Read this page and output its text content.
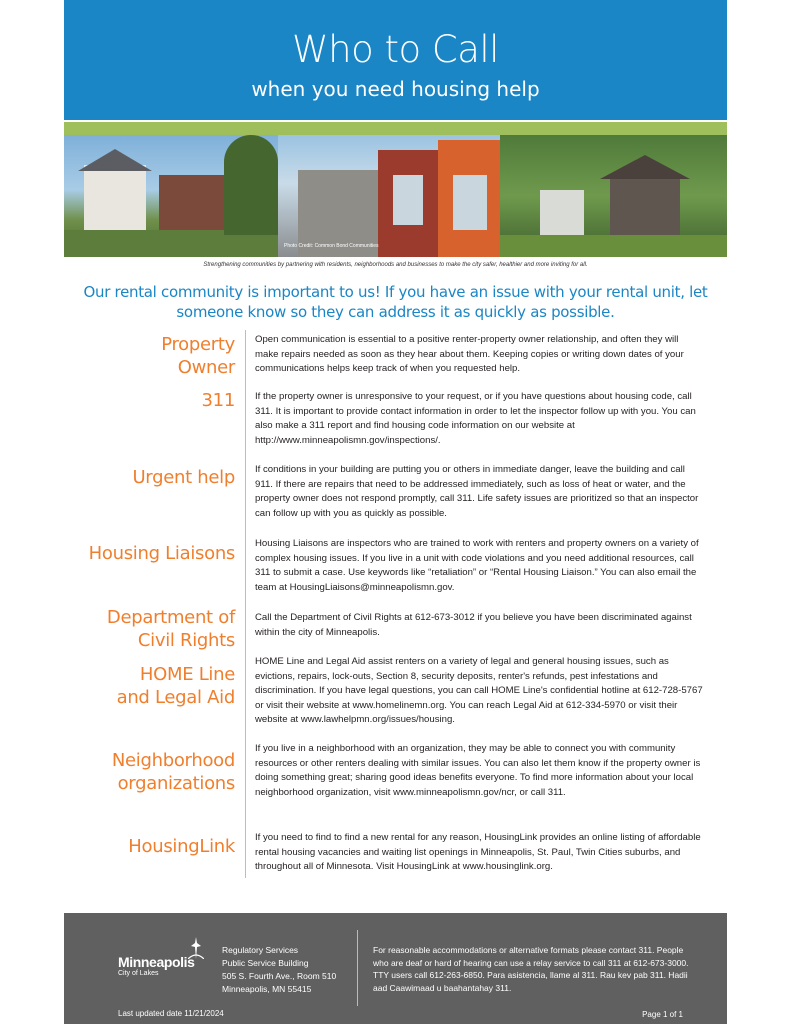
Who to Call
when you need housing help
Photo Credit: Common Bond Communities
Strengthening communities by partnering with residents, neighborhoods and businesses to make the city safer, healthier and more inviting for all.
Our rental community is important to us! If you have an issue with your rental unit, let someone know so they can address it as quickly as possible.
Property
Owner
311
Urgent help
Housing Liaisons
Department of
Civil Rights
HOME Line
and Legal Aid
Neighborhood
organizations
HousingLink

Open communication is essential to a positive renter-property owner relationship, and often they will make repairs needed as soon as they hear about them. Keeping copies or writing down dates of your communications helps keep track of when you requested help.

If the property owner is unresponsive to your request, or if you have questions about housing code, call 311. It is important to provide contact information in order to let the inspector follow up with you. You can also make a 311 report and find housing code information on our website at http://www.minneapolismn.gov/inspections/.

If conditions in your building are putting you or others in immediate danger, leave the building and call 911. If there are repairs that need to be addressed immediately, such as loss of heat or water, and the property owner does not respond promptly, call 311. Life safety issues are prioritized so that an inspector can follow up with you as quickly as possible.

Housing Liaisons are inspectors who are trained to work with renters and property owners on a variety of complex housing issues. If you live in a unit with code violations and you need additional resources, call 311 to submit a case. Use keywords like “retaliation” or “Rental Housing Liaison.” You can also email the team at HousingLiaisons@minneapolismn.gov.

Call the Department of Civil Rights at 612-673-3012 if you believe you have been discriminated against within the city of Minneapolis.

HOME Line and Legal Aid assist renters on a variety of legal and general housing issues, such as evictions, repairs, lock-outs, Section 8, security deposits, renter's refunds, pest infestations and discrimination. If you have legal questions, you can call HOME Line's confidential hotline at 612-728-5767 or visit their website at www.homelinemn.org. You can reach Legal Aid at 612-334-5970 or visit their website at www.lawhelpmn.org/issues/housing.

If you live in a neighborhood with an organization, they may be able to connect you with community resources or other renters dealing with similar issues. You can also let them know if the property owner is doing something great; sharing good ideas benefits everyone. To find more information about your local neighborhood organization, visit www.minneapolismn.gov/ncr, or call 311.

If you need to find to find a new rental for any reason, HousingLink provides an online listing of affordable rental housing vacancies and waiting list openings in Minneapolis, St. Paul, Twin Cities suburbs, and throughout all of Minnesota. Visit HousingLink at www.housinglink.org.

Minneapolis
City of Lakes
Regulatory Services
Public Service Building
505 S. Fourth Ave., Room 510
Minneapolis, MN 55415

For reasonable accommodations or alternative formats please contact 311. People who are deaf or hard of hearing can use a relay service to call 311 at 612-673-3000. TTY users call 612-263-6850. Para asistencia, llame al 311. Rau kev pab 311. Hadii aad Caawimaad u baahantahay 311.

Last updated date 11/21/2024	Page 1 of 1
